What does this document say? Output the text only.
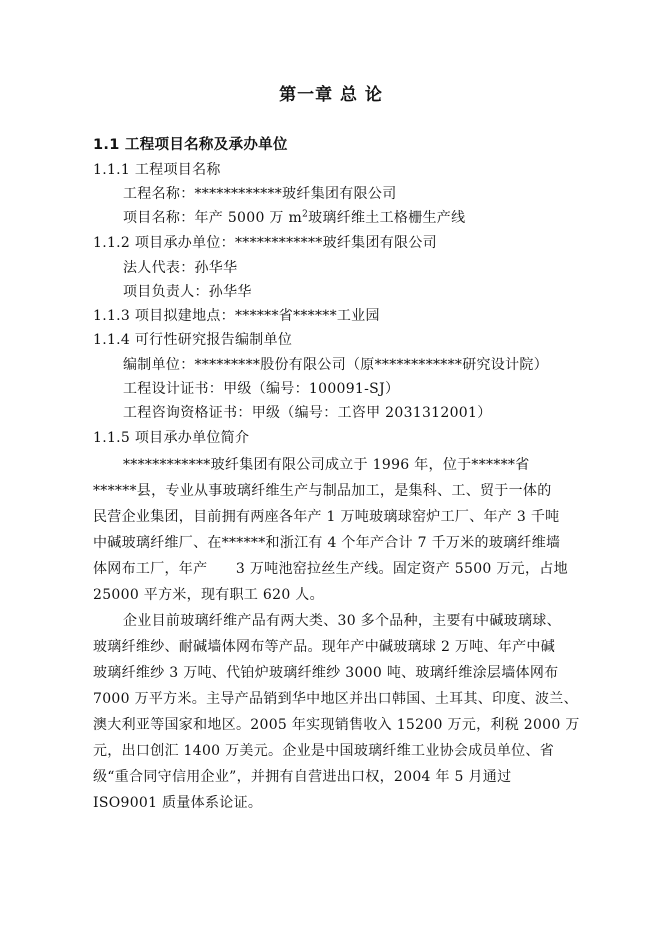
第一章 总 论
1.1 工程项目名称及承办单位
1.1.1 工程项目名称
工程名称：************玻纤集团有限公司
项目名称：年产 5000 万 $m^2$玻璃纤维土工格栅生产线
1.1.2 项目承办单位：************玻纤集团有限公司
法人代表：孙华华
项目负责人：孙华华
1.1.3 项目拟建地点：******省******工业园
1.1.4 可行性研究报告编制单位
编制单位：*********股份有限公司（原************研究设计院）
工程设计证书：甲级（编号：100091-SJ）
工程咨询资格证书：甲级（编号：工咨甲 2031312001）
1.1.5 项目承办单位简介
************玻纤集团有限公司成立于 1996 年，位于******省
******县，专业从事玻璃纤维生产与制品加工，是集科、工、贸于一体的
民营企业集团，目前拥有两座各年产 1 万吨玻璃球窑炉工厂、年产 3 千吨
中碱玻璃纤维厂、在******和浙江有 4 个年产合计 7 千万米的玻璃纤维墙
体网布工厂，年产      3 万吨池窑拉丝生产线。固定资产 5500 万元，占地
25000 平方米，现有职工 620 人。
企业目前玻璃纤维产品有两大类、30 多个品种，主要有中碱玻璃球、
玻璃纤维纱、耐碱墙体网布等产品。现年产中碱玻璃球 2 万吨、年产中碱
玻璃纤维纱 3 万吨、代铂炉玻璃纤维纱 3000 吨、玻璃纤维涂层墙体网布
7000 万平方米。主导产品销到华中地区并出口韩国、土耳其、印度、波兰、
澳大利亚等国家和地区。2005 年实现销售收入 15200 万元，利税 2000 万
元，出口创汇 1400 万美元。企业是中国玻璃纤维工业协会成员单位、省
级“重合同守信用企业”，并拥有自营进出口权，2004 年 5 月通过
ISO9001 质量体系论证。
